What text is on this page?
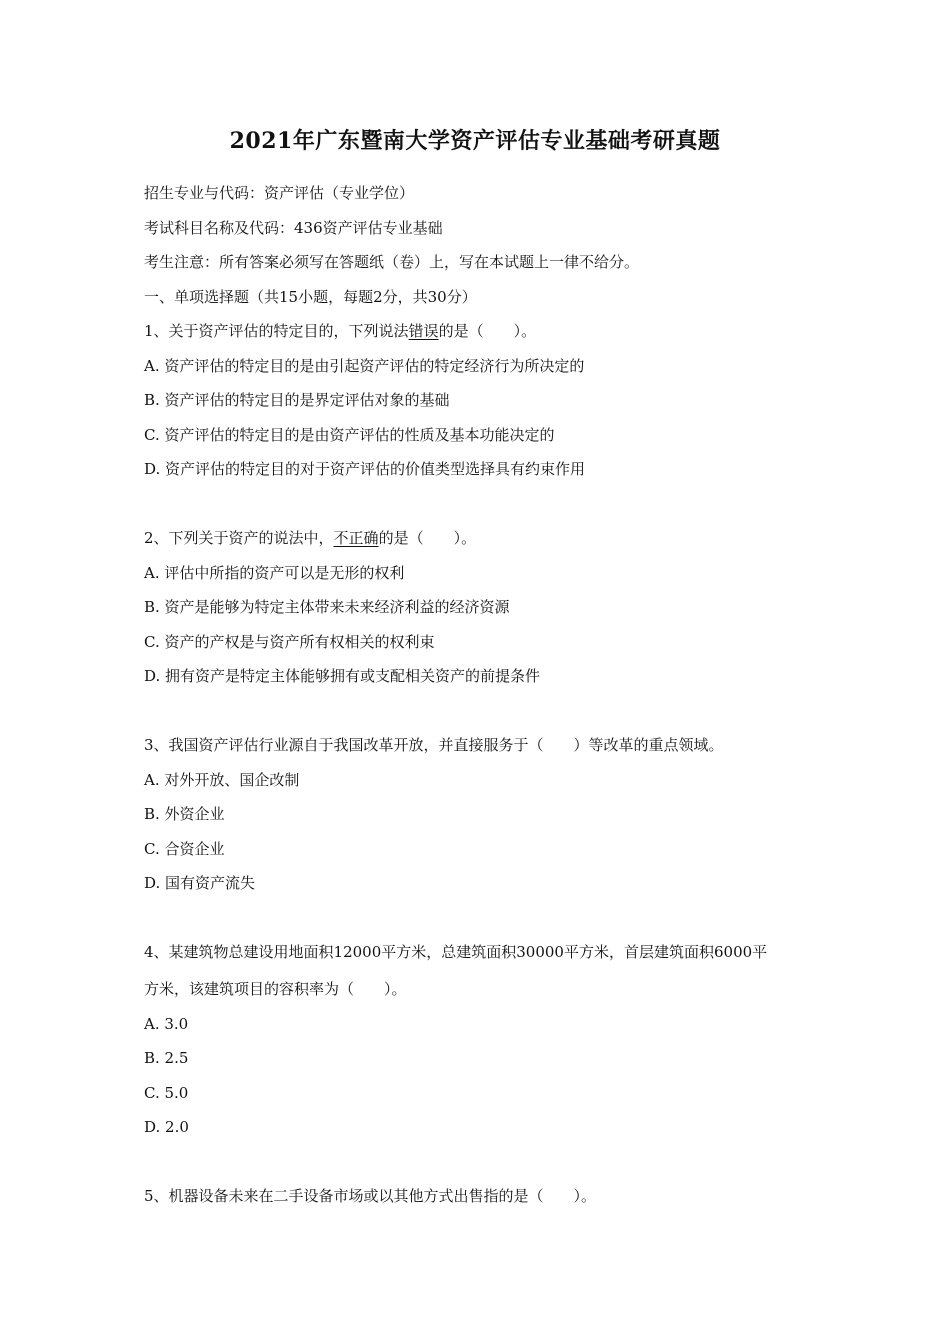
2021年广东暨南大学资产评估专业基础考研真题
招生专业与代码：资产评估（专业学位）
考试科目名称及代码：436资产评估专业基础
考生注意：所有答案必须写在答题纸（卷）上，写在本试题上一律不给分。
一、单项选择题（共15小题，每题2分，共30分）
1、关于资产评估的特定目的，下列说法错误的是（　　）。
A. 资产评估的特定目的是由引起资产评估的特定经济行为所决定的
B. 资产评估的特定目的是界定评估对象的基础
C. 资产评估的特定目的是由资产评估的性质及基本功能决定的
D. 资产评估的特定目的对于资产评估的价值类型选择具有约束作用
2、下列关于资产的说法中，不正确的是（　　）。
A. 评估中所指的资产可以是无形的权利
B. 资产是能够为特定主体带来未来经济利益的经济资源
C. 资产的产权是与资产所有权相关的权利束
D. 拥有资产是特定主体能够拥有或支配相关资产的前提条件
3、我国资产评估行业源自于我国改革开放，并直接服务于（　　）等改革的重点领域。
A. 对外开放、国企改制
B. 外资企业
C. 合资企业
D. 国有资产流失
4、某建筑物总建设用地面积12000平方米，总建筑面积30000平方米，首层建筑面积6000平
方米，该建筑项目的容积率为（　　）。
A. 3.0
B. 2.5
C. 5.0
D. 2.0
5、机器设备未来在二手设备市场或以其他方式出售指的是（　　）。
